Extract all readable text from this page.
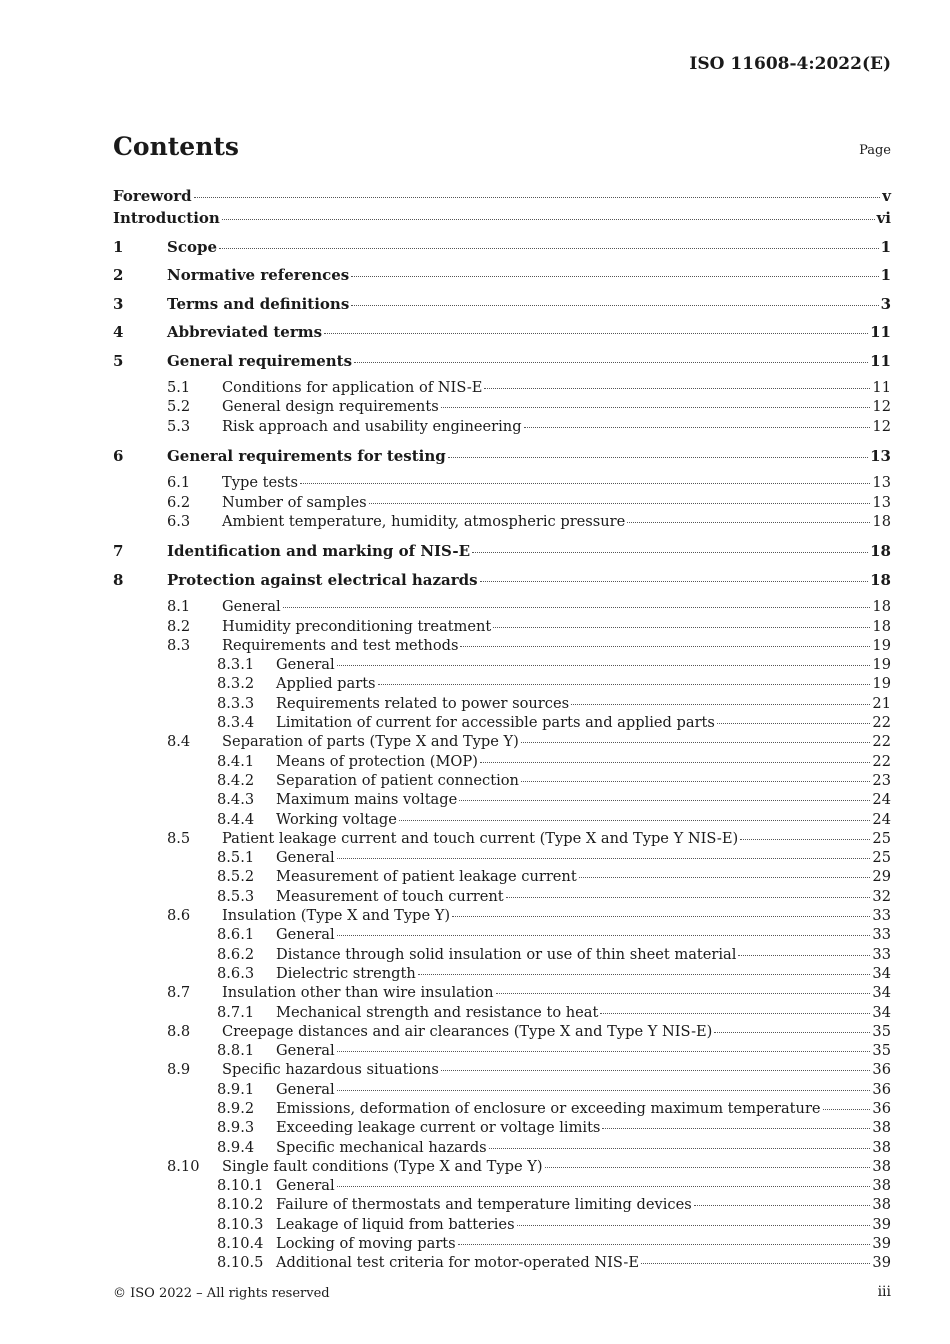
ISO 11608-4:2022(E)
Contents	Page
Foreword	v
Introduction	vi
1	Scope	1
2	Normative references	1
3	Terms and definitions	3
4	Abbreviated terms	11
5	General requirements	11
5.1	Conditions for application of NIS-E	11
5.2	General design requirements	12
5.3	Risk approach and usability engineering	12
6	General requirements for testing	13
6.1	Type tests	13
6.2	Number of samples	13
6.3	Ambient temperature, humidity, atmospheric pressure	18
7	Identification and marking of NIS-E	18
8	Protection against electrical hazards	18
8.1	General	18
8.2	Humidity preconditioning treatment	18
8.3	Requirements and test methods	19
8.3.1	General	19
8.3.2	Applied parts	19
8.3.3	Requirements related to power sources	21
8.3.4	Limitation of current for accessible parts and applied parts	22
8.4	Separation of parts (Type X and Type Y)	22
8.4.1	Means of protection (MOP)	22
8.4.2	Separation of patient connection	23
8.4.3	Maximum mains voltage	24
8.4.4	Working voltage	24
8.5	Patient leakage current and touch current (Type X and Type Y NIS-E)	25
8.5.1	General	25
8.5.2	Measurement of patient leakage current	29
8.5.3	Measurement of touch current	32
8.6	Insulation (Type X and Type Y)	33
8.6.1	General	33
8.6.2	Distance through solid insulation or use of thin sheet material	33
8.6.3	Dielectric strength	34
8.7	Insulation other than wire insulation	34
8.7.1	Mechanical strength and resistance to heat	34
8.8	Creepage distances and air clearances (Type X and Type Y NIS-E)	35
8.8.1	General	35
8.9	Specific hazardous situations	36
8.9.1	General	36
8.9.2	Emissions, deformation of enclosure or exceeding maximum temperature	36
8.9.3	Exceeding leakage current or voltage limits	38
8.9.4	Specific mechanical hazards	38
8.10	Single fault conditions (Type X and Type Y)	38
8.10.1 General	38
8.10.2 Failure of thermostats and temperature limiting devices	38
8.10.3 Leakage of liquid from batteries	39
8.10.4 Locking of moving parts	39
8.10.5 Additional test criteria for motor-operated NIS-E	39
© ISO 2022 – All rights reserved	iii
